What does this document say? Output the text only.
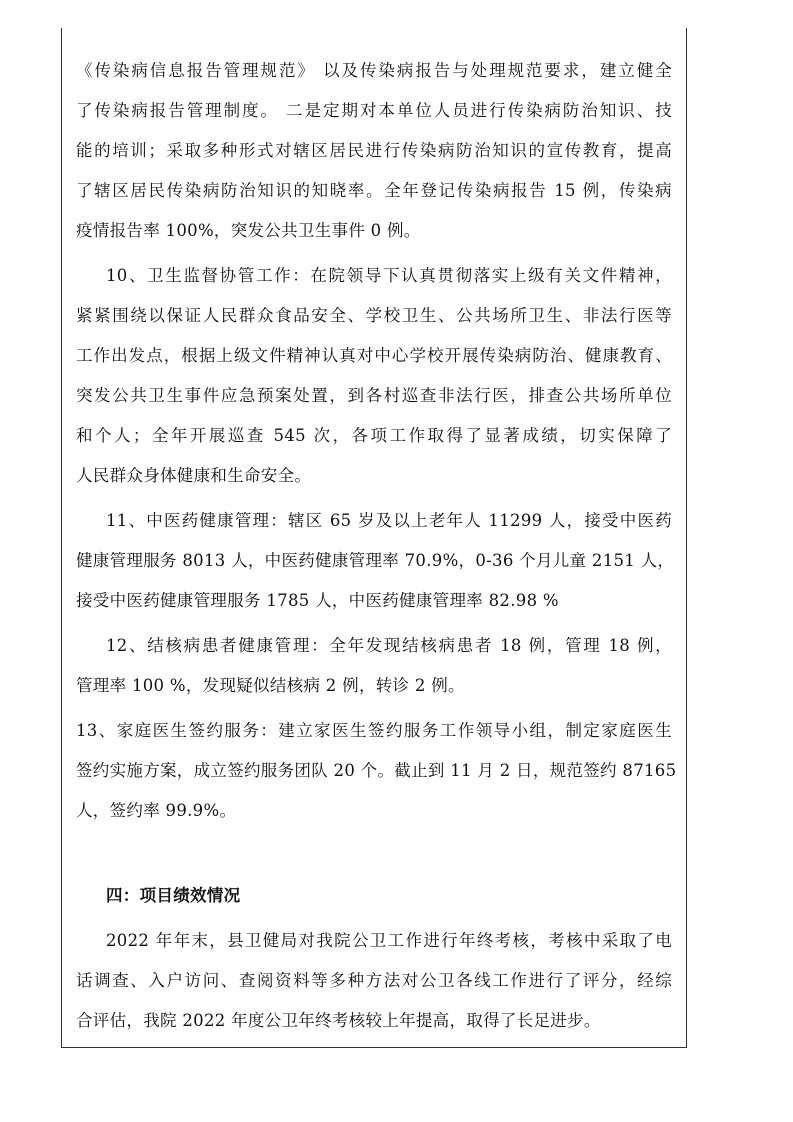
《传染病信息报告管理规范》 以及传染病报告与处理规范要求，建立健全
了传染病报告管理制度。 二是定期对本单位人员进行传染病防治知识、技
能的培训；采取多种形式对辖区居民进行传染病防治知识的宣传教育，提高
了辖区居民传染病防治知识的知晓率。全年登记传染病报告 15 例，传染病
疫情报告率 100%，突发公共卫生事件 0 例。
10、卫生监督协管工作：在院领导下认真贯彻落实上级有关文件精神，
紧紧围绕以保证人民群众食品安全、学校卫生、公共场所卫生、非法行医等
工作出发点，根据上级文件精神认真对中心学校开展传染病防治、健康教育、
突发公共卫生事件应急预案处置，到各村巡查非法行医，排查公共场所单位
和个人；全年开展巡查 545 次，各项工作取得了显著成绩，切实保障了
人民群众身体健康和生命安全。
11、中医药健康管理：辖区 65 岁及以上老年人 11299 人，接受中医药
健康管理服务 8013 人，中医药健康管理率 70.9%，0-36 个月儿童 2151 人，
接受中医药健康管理服务 1785 人，中医药健康管理率 82.98 %
12、结核病患者健康管理：全年发现结核病患者 18 例，管理 18 例，
管理率 100 %，发现疑似结核病 2 例，转诊 2 例。
13、家庭医生签约服务：建立家医生签约服务工作领导小组，制定家庭医生
签约实施方案，成立签约服务团队 20 个。截止到 11 月 2 日，规范签约 87165
人，签约率 99.9%。
四：项目绩效情况
2022 年年末，县卫健局对我院公卫工作进行年终考核，考核中采取了电
话调查、入户访问、查阅资料等多种方法对公卫各线工作进行了评分，经综
合评估，我院 2022 年度公卫年终考核较上年提高，取得了长足进步。
